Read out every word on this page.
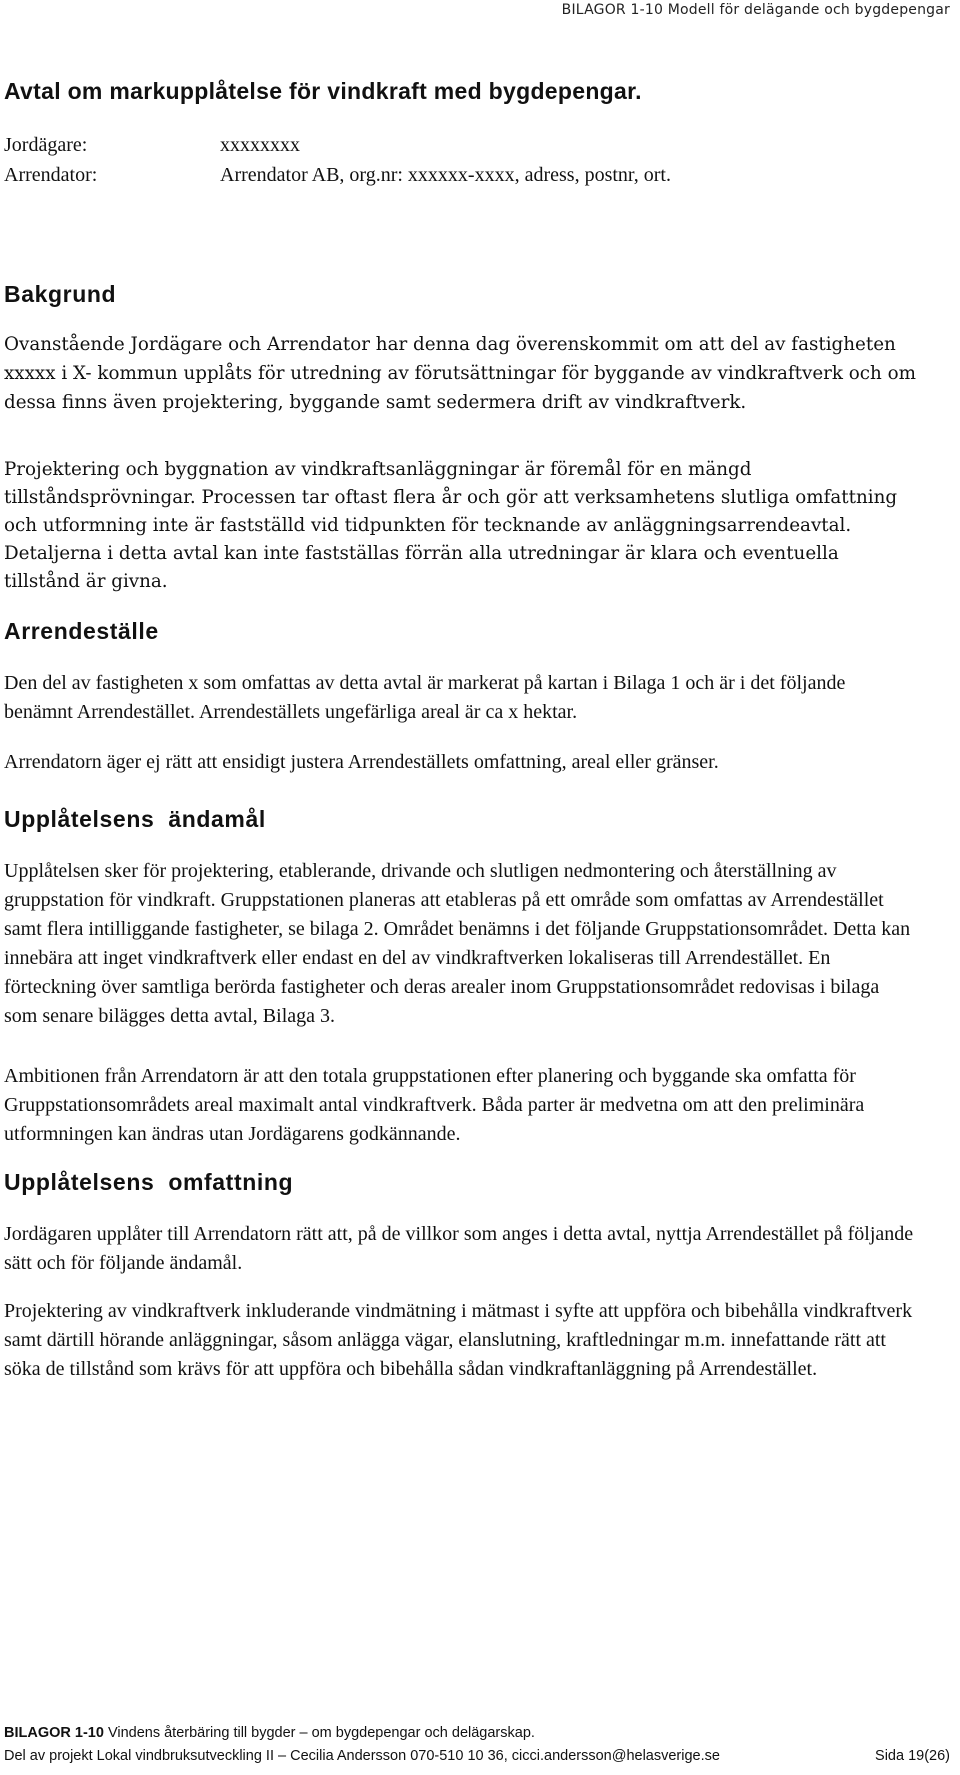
BILAGOR 1-10 Modell för delägande och bygdepengar
Avtal om markupplåtelse för vindkraft med bygdepengar.
Jordägare:	xxxxxxxx
Arrendator:	Arrendator AB, org.nr: xxxxxx-xxxx, adress, postnr, ort.
Bakgrund

Ovanstående Jordägare och Arrendator har denna dag överenskommit om att del av fastigheten xxxxx i X- kommun upplåts för utredning av förutsättningar för byggande av vindkraftverk och om dessa finns även projektering, byggande samt sedermera drift av vindkraftverk.

Projektering och byggnation av vindkraftsanläggningar är föremål för en mängd tillståndsprövningar. Processen tar oftast flera år och gör att verksamhetens slutliga omfattning och utformning inte är fastställd vid tidpunkten för tecknande av anläggningsarrendeavtal. Detaljerna i detta avtal kan inte fastställas förrän alla utredningar är klara och eventuella tillstånd är givna.

Arrendeställe

Den del av fastigheten x som omfattas av detta avtal är markerat på kartan i Bilaga 1 och är i det följande benämnt Arrendestället. Arrendeställets ungefärliga areal är ca x hektar.

Arrendatorn äger ej rätt att ensidigt justera Arrendeställets omfattning, areal eller gränser.

Upplåtelsens  ändamål

Upplåtelsen sker för projektering, etablerande, drivande och slutligen nedmontering och återställning av gruppstation för vindkraft. Gruppstationen planeras att etableras på ett område som omfattas av Arrendestället samt flera intilliggande fastigheter, se bilaga 2. Området benämns i det följande Gruppstationsområdet. Detta kan innebära att inget vindkraftverk eller endast en del av vindkraftverken lokaliseras till Arrendestället. En förteckning över samtliga berörda fastigheter och deras arealer inom Gruppstationsområdet redovisas i bilaga som senare bilägges detta avtal, Bilaga 3.

Ambitionen från Arrendatorn är att den totala gruppstationen efter planering och byggande ska omfatta för Gruppstationsområdets areal maximalt antal vindkraftverk. Båda parter är medvetna om att den preliminära utformningen kan ändras utan Jordägarens godkännande.

Upplåtelsens  omfattning

Jordägaren upplåter till Arrendatorn rätt att, på de villkor som anges i detta avtal, nyttja Arrendestället på följande sätt och för följande ändamål.

Projektering av vindkraftverk inkluderande vindmätning i mätmast i syfte att uppföra och bibehålla vindkraftverk samt därtill hörande anläggningar, såsom anlägga vägar, elanslutning, kraftledningar m.m. innefattande rätt att söka de tillstånd som krävs för att uppföra och bibehålla sådan vindkraftanläggning på Arrendestället.

BILAGOR 1-10 Vindens återbäring till bygder – om bygdepengar och delägarskap.
Del av projekt Lokal vindbruksutveckling II – Cecilia Andersson 070-510 10 36, cicci.andersson@helasverige.se	Sida 19(26)
